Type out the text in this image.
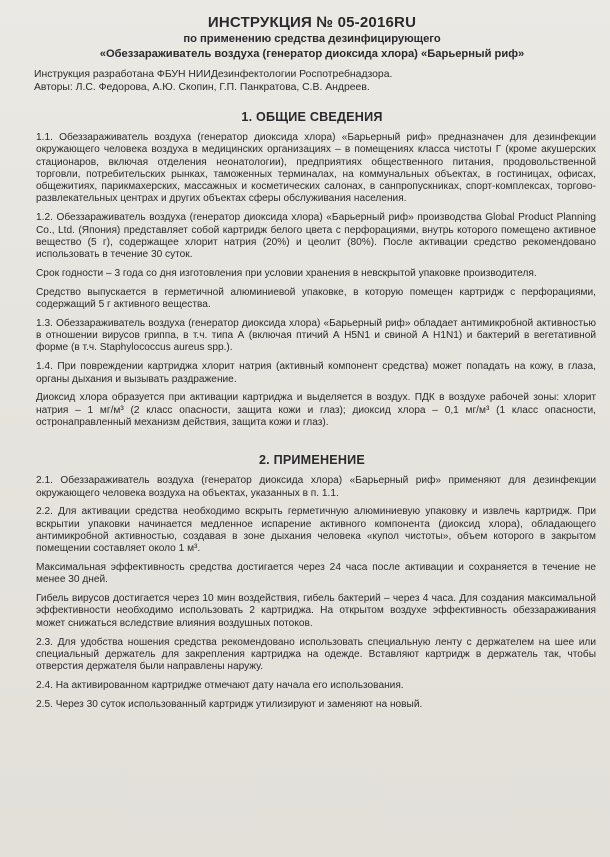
ИНСТРУКЦИЯ № 05-2016RU
по применению средства дезинфицирующего
«Обеззараживатель воздуха (генератор диоксида хлора) «Барьерный риф»
Инструкция разработана ФБУН НИИДезинфектологии Роспотребнадзора.
Авторы: Л.С. Федорова, А.Ю. Скопин, Г.П. Панкратова, С.В. Андреев.
1. ОБЩИЕ СВЕДЕНИЯ

1.1. Обеззараживатель воздуха (генератор диоксида хлора) «Барьерный риф» предназначен для дезинфекции окружающего человека воздуха в медицинских организациях – в помещениях класса чистоты Г (кроме акушерских стационаров, включая отделения неонатологии), предприятиях общественного питания, продовольственной торговли, потребительских рынках, таможенных терминалах, на коммунальных объектах, в гостиницах, офисах, общежитиях, парикмахерских, массажных и косметических салонах, в санпропускниках, спорт-комплексах, торгово-развлекательных центрах и других объектах сферы обслуживания населения.

1.2. Обеззараживатель воздуха (генератор диоксида хлора) «Барьерный риф» производства Global Product Planning Co., Ltd. (Япония) представляет собой картридж белого цвета с перфорациями, внутрь которого помещено активное вещество (5 г), содержащее хлорит натрия (20%) и цеолит (80%). После активации средство рекомендовано использовать в течение 30 суток.

Срок годности – 3 года со дня изготовления при условии хранения в невскрытой упаковке производителя.

Средство выпускается в герметичной алюминиевой упаковке, в которую помещен картридж с перфорациями, содержащий 5 г активного вещества.

1.3. Обеззараживатель воздуха (генератор диоксида хлора) «Барьерный риф» обладает антимикробной активностью в отношении вирусов гриппа, в т.ч. типа А (включая птичий А H5N1 и свиной А H1N1) и бактерий в вегетативной форме (в т.ч. Staphylococcus aureus spp.).

1.4. При повреждении картриджа хлорит натрия (активный компонент средства) может попадать на кожу, в глаза, органы дыхания и вызывать раздражение.

Диоксид хлора образуется при активации картриджа и выделяется в воздух. ПДК в воздухе рабочей зоны: хлорит натрия – 1 мг/м³ (2 класс опасности, защита кожи и глаз); диоксид хлора – 0,1 мг/м³ (1 класс опасности, остронаправленный механизм действия, защита кожи и глаз).

2. ПРИМЕНЕНИЕ

2.1. Обеззараживатель воздуха (генератор диоксида хлора) «Барьерный риф» применяют для дезинфекции окружающего человека воздуха на объектах, указанных в п. 1.1.

2.2. Для активации средства необходимо вскрыть герметичную алюминиевую упаковку и извлечь картридж. При вскрытии упаковки начинается медленное испарение активного компонента (диоксид хлора), обладающего антимикробной активностью, создавая в зоне дыхания человека «купол чистоты», объем которого в закрытом помещении составляет около 1 м³.

Максимальная эффективность средства достигается через 24 часа после активации и сохраняется в течение не менее 30 дней.

Гибель вирусов достигается через 10 мин воздействия, гибель бактерий – через 4 часа. Для создания максимальной эффективности необходимо использовать 2 картриджа. На открытом воздухе эффективность обеззараживания может снижаться вследствие влияния воздушных потоков.

2.3. Для удобства ношения средства рекомендовано использовать специальную ленту с держателем на шее или специальный держатель для закрепления картриджа на одежде. Вставляют картридж в держатель так, чтобы отверстия держателя были направлены наружу.

2.4. На активированном картридже отмечают дату начала его использования.

2.5. Через 30 суток использованный картридж утилизируют и заменяют на новый.
